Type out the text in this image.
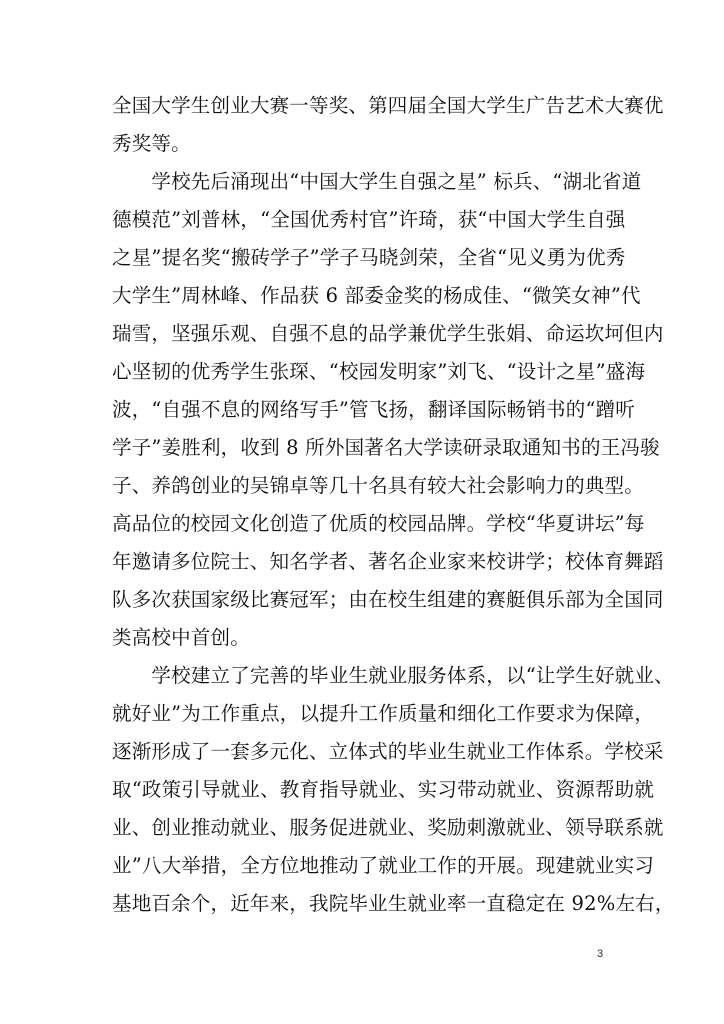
全国大学生创业大赛一等奖、第四届全国大学生广告艺术大赛优
秀奖等。
　　学校先后涌现出“中国大学生自强之星” 标兵、“湖北省道
德模范”刘普林，“全国优秀村官”许琦，获“中国大学生自强
之星”提名奖“搬砖学子”学子马晓剑荣，全省“见义勇为优秀
大学生”周林峰、作品获 6 部委金奖的杨成佳、“微笑女神”代
瑞雪，坚强乐观、自强不息的品学兼优学生张娟、命运坎坷但内
心坚韧的优秀学生张琛、“校园发明家”刘飞、“设计之星”盛海
波，“自强不息的网络写手”管飞扬，翻译国际畅销书的“蹭听
学子”姜胜利，收到 8 所外国著名大学读研录取通知书的王冯骏
子、养鸽创业的吴锦卓等几十名具有较大社会影响力的典型。
高品位的校园文化创造了优质的校园品牌。学校“华夏讲坛”每
年邀请多位院士、知名学者、著名企业家来校讲学；校体育舞蹈
队多次获国家级比赛冠军；由在校生组建的赛艇俱乐部为全国同
类高校中首创。
　　学校建立了完善的毕业生就业服务体系，以“让学生好就业、
就好业”为工作重点，以提升工作质量和细化工作要求为保障，
逐渐形成了一套多元化、立体式的毕业生就业工作体系。学校采
取“政策引导就业、教育指导就业、实习带动就业、资源帮助就
业、创业推动就业、服务促进就业、奖励刺激就业、领导联系就
业”八大举措，全方位地推动了就业工作的开展。现建就业实习
基地百余个，近年来，我院毕业生就业率一直稳定在 92%左右，
3
